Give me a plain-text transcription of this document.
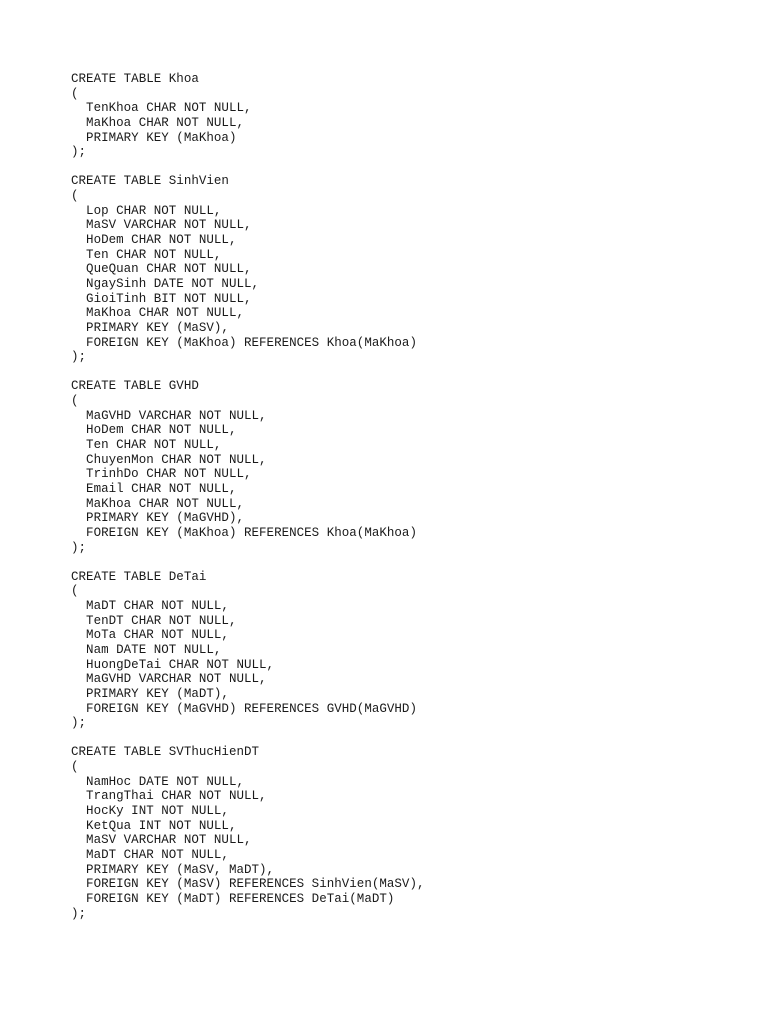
CREATE TABLE Khoa
(
TenKhoa CHAR NOT NULL,
MaKhoa CHAR NOT NULL,
PRIMARY KEY (MaKhoa)
);
CREATE TABLE SinhVien
(
Lop CHAR NOT NULL,
MaSV VARCHAR NOT NULL,
HoDem CHAR NOT NULL,
Ten CHAR NOT NULL,
QueQuan CHAR NOT NULL,
NgaySinh DATE NOT NULL,
GioiTinh BIT NOT NULL,
MaKhoa CHAR NOT NULL,
PRIMARY KEY (MaSV),
FOREIGN KEY (MaKhoa) REFERENCES Khoa(MaKhoa)
);
CREATE TABLE GVHD
(
MaGVHD VARCHAR NOT NULL,
HoDem CHAR NOT NULL,
Ten CHAR NOT NULL,
ChuyenMon CHAR NOT NULL,
TrinhDo CHAR NOT NULL,
Email CHAR NOT NULL,
MaKhoa CHAR NOT NULL,
PRIMARY KEY (MaGVHD),
FOREIGN KEY (MaKhoa) REFERENCES Khoa(MaKhoa)
);
CREATE TABLE DeTai
(
MaDT CHAR NOT NULL,
TenDT CHAR NOT NULL,
MoTa CHAR NOT NULL,
Nam DATE NOT NULL,
HuongDeTai CHAR NOT NULL,
MaGVHD VARCHAR NOT NULL,
PRIMARY KEY (MaDT),
FOREIGN KEY (MaGVHD) REFERENCES GVHD(MaGVHD)
);
CREATE TABLE SVThucHienDT
(
NamHoc DATE NOT NULL,
TrangThai CHAR NOT NULL,
HocKy INT NOT NULL,
KetQua INT NOT NULL,
MaSV VARCHAR NOT NULL,
MaDT CHAR NOT NULL,
PRIMARY KEY (MaSV, MaDT),
FOREIGN KEY (MaSV) REFERENCES SinhVien(MaSV),
FOREIGN KEY (MaDT) REFERENCES DeTai(MaDT)
);
